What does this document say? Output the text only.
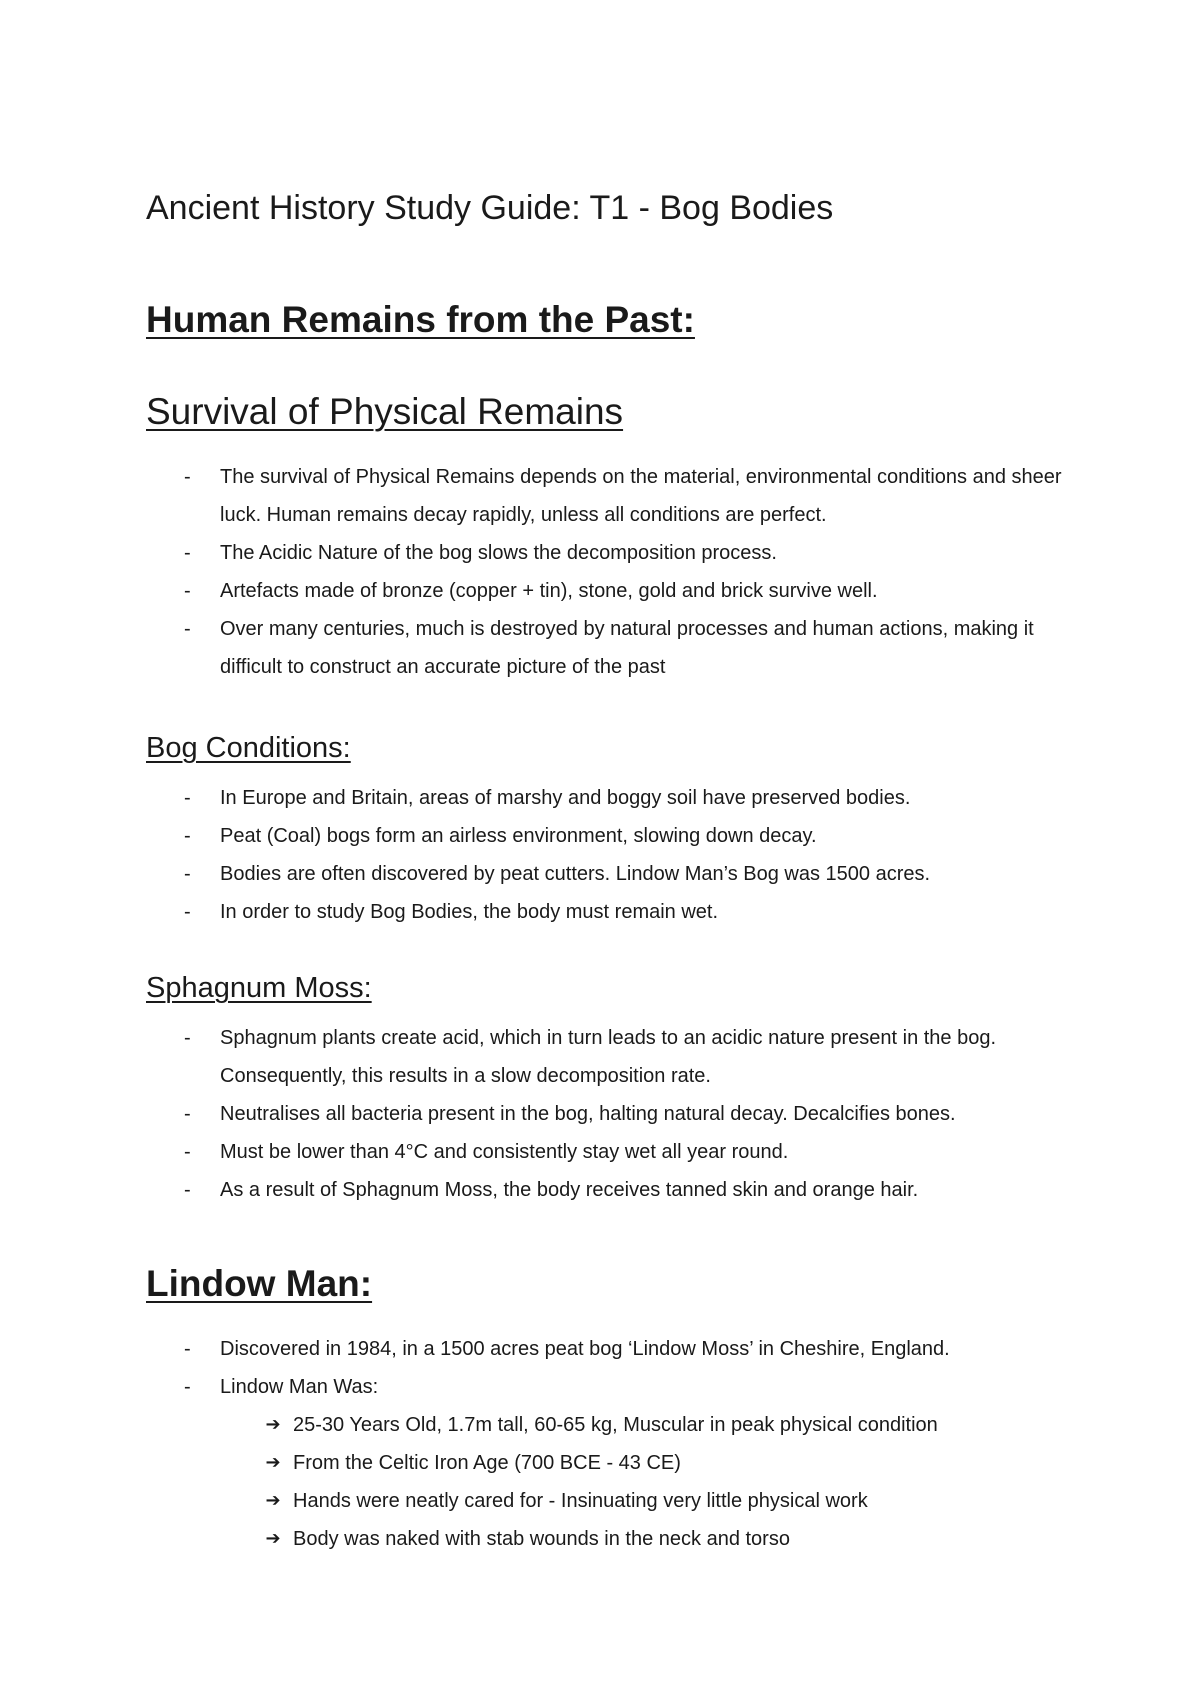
Ancient History Study Guide: T1 - Bog Bodies
Human Remains from the Past:
Survival of Physical Remains
- The survival of Physical Remains depends on the material, environmental conditions and sheer luck. Human remains decay rapidly, unless all conditions are perfect.
- The Acidic Nature of the bog slows the decomposition process.
- Artefacts made of bronze (copper + tin), stone, gold and brick survive well.
- Over many centuries, much is destroyed by natural processes and human actions, making it difficult to construct an accurate picture of the past
Bog Conditions:
- In Europe and Britain, areas of marshy and boggy soil have preserved bodies.
- Peat (Coal) bogs form an airless environment, slowing down decay.
- Bodies are often discovered by peat cutters. Lindow Man’s Bog was 1500 acres.
- In order to study Bog Bodies, the body must remain wet.
Sphagnum Moss:
- Sphagnum plants create acid, which in turn leads to an acidic nature present in the bog. Consequently, this results in a slow decomposition rate.
- Neutralises all bacteria present in the bog, halting natural decay. Decalcifies bones.
- Must be lower than 4°C and consistently stay wet all year round.
- As a result of Sphagnum Moss, the body receives tanned skin and orange hair.
Lindow Man:
- Discovered in 1984, in a 1500 acres peat bog ‘Lindow Moss’ in Cheshire, England.
- Lindow Man Was:
➔ 25-30 Years Old, 1.7m tall, 60-65 kg, Muscular in peak physical condition
➔ From the Celtic Iron Age (700 BCE - 43 CE)
➔ Hands were neatly cared for - Insinuating very little physical work
➔ Body was naked with stab wounds in the neck and torso
